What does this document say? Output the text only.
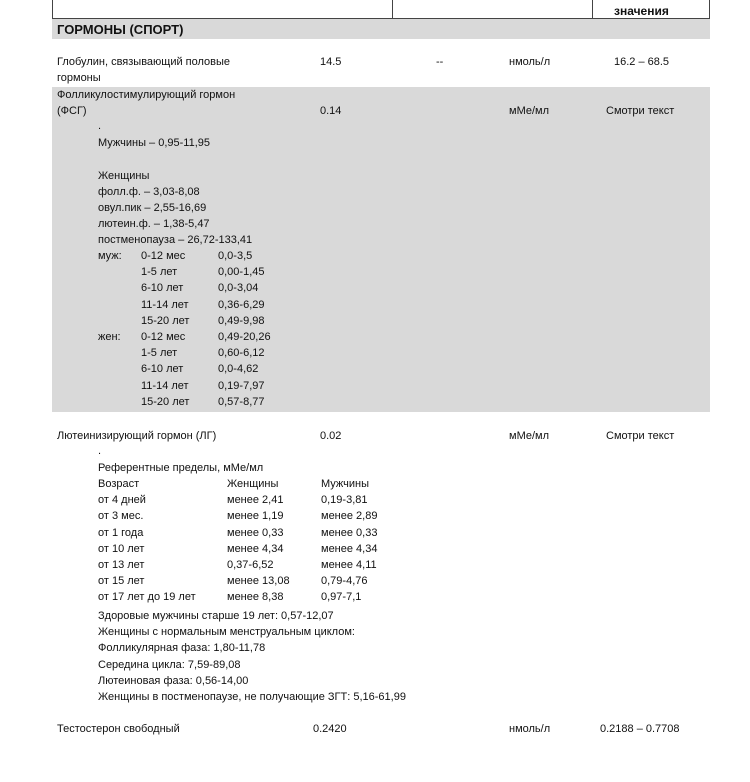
значения
ГОРМОНЫ (СПОРТ)
Глобулин, связывающий половые
гормоны
14.5	--	нмоль/л	16.2 – 68.5
Фолликулостимулирующий гормон
(ФСГ)	0.14	мМе/мл	Смотри текст
.
Мужчины – 0,95-11,95
Женщины
фолл.ф. – 3,03-8,08
овул.пик – 2,55-16,69
лютеин.ф. – 1,38-5,47
постменопауза – 26,72-133,41
муж:	0-12 мес	0,0-3,5
	1-5 лет	0,00-1,45
	6-10 лет	0,0-3,04
	11-14 лет	0,36-6,29
	15-20 лет	0,49-9,98
жен:	0-12 мес	0,49-20,26
	1-5 лет	0,60-6,12
	6-10 лет	0,0-4,62
	11-14 лет	0,19-7,97
	15-20 лет	0,57-8,77
Лютеинизирующий гормон (ЛГ)	0.02	мМе/мл	Смотри текст
.
Референтные пределы, мМе/мл
Возраст	Женщины	Мужчины
от 4 дней	менее 2,41	0,19-3,81
от 3 мес.	менее 1,19	менее 2,89
от 1 года	менее 0,33	менее 0,33
от 10 лет	менее 4,34	менее 4,34
от 13 лет	0,37-6,52	менее 4,11
от 15 лет	менее 13,08	0,79-4,76
от 17 лет до 19 лет	менее 8,38	0,97-7,1
Здоровые мужчины старше 19 лет: 0,57-12,07
Женщины с нормальным менструальным циклом:
Фолликулярная фаза: 1,80-11,78
Середина цикла: 7,59-89,08
Лютеиновая фаза: 0,56-14,00
Женщины в постменопаузе, не получающие ЗГТ: 5,16-61,99
Тестостерон свободный	0.2420	нмоль/л	0.2188 – 0.7708
